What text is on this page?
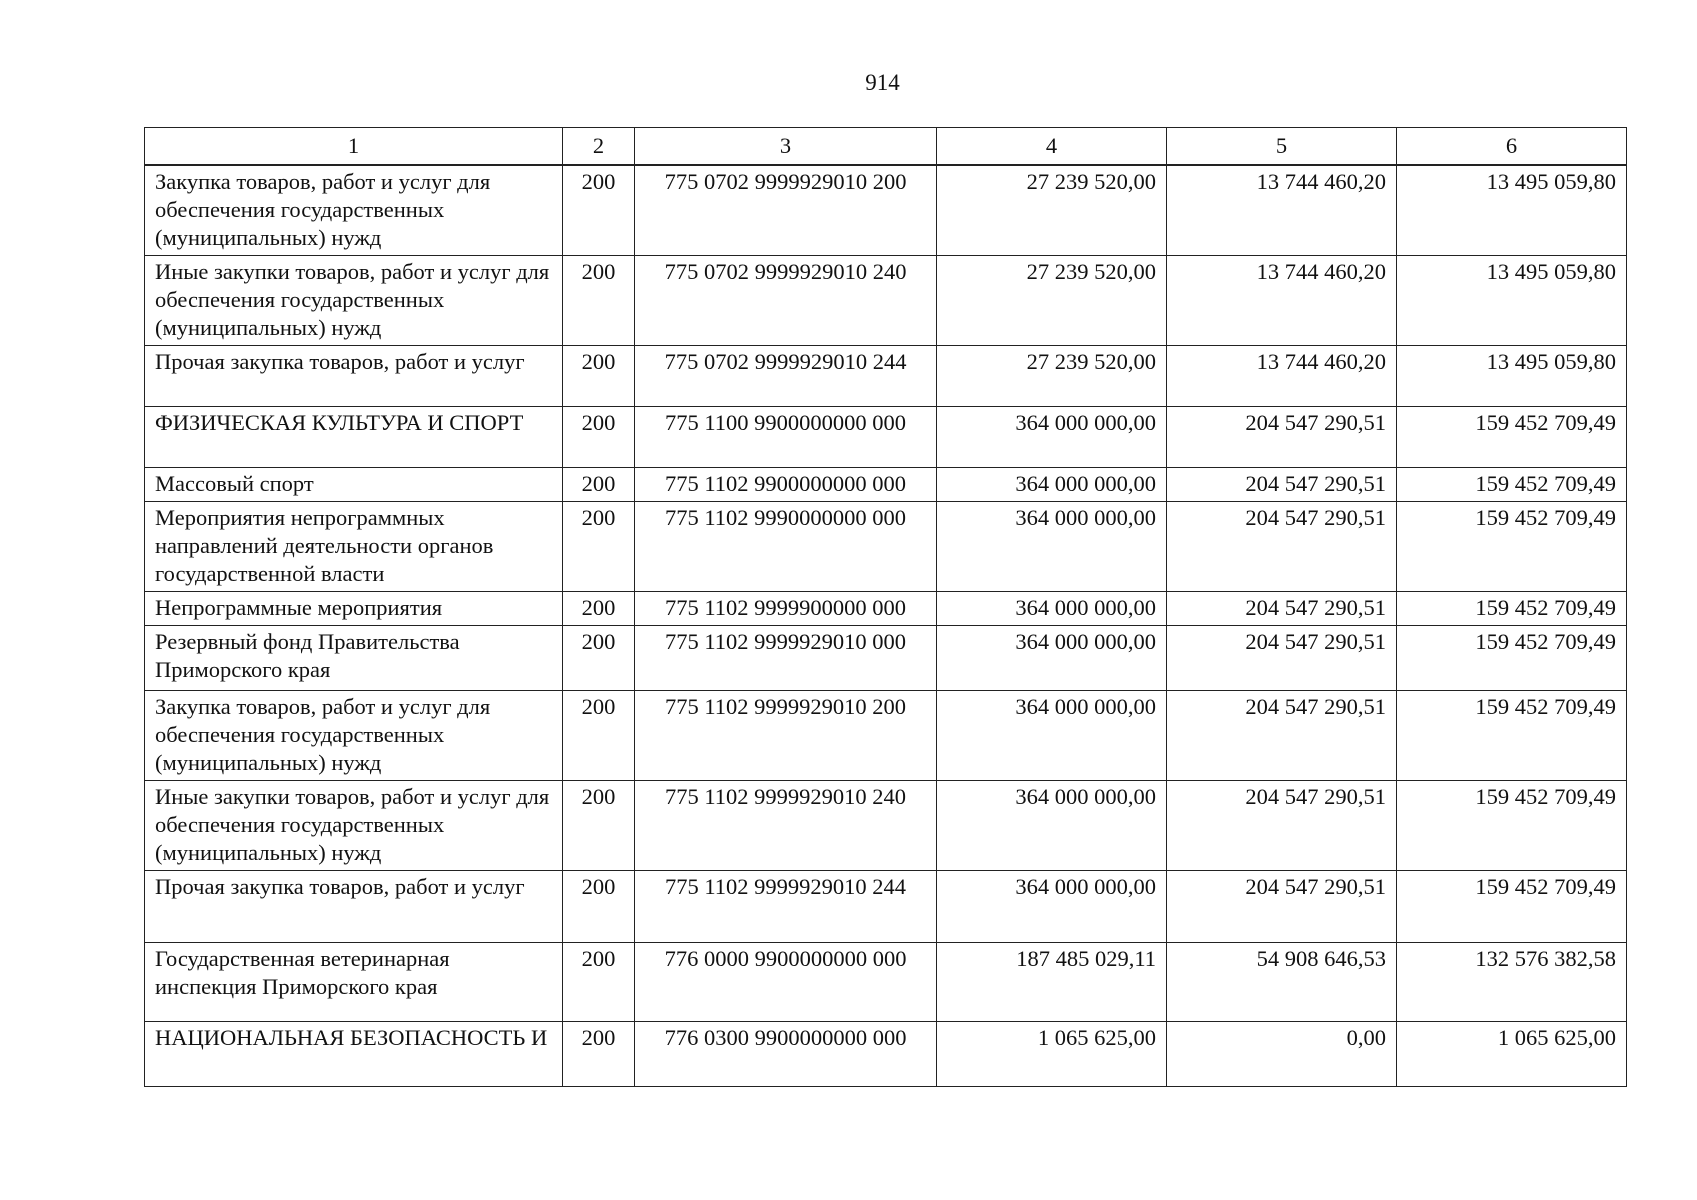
914
1	2	3	4	5	6
Закупка товаров, работ и услуг для обеспечения государственных (муниципальных) нужд	200	775 0702 9999929010 200	27 239 520,00	13 744 460,20	13 495 059,80
Иные закупки товаров, работ и услуг для обеспечения государственных (муниципальных) нужд	200	775 0702 9999929010 240	27 239 520,00	13 744 460,20	13 495 059,80
Прочая закупка товаров, работ и услуг	200	775 0702 9999929010 244	27 239 520,00	13 744 460,20	13 495 059,80
ФИЗИЧЕСКАЯ КУЛЬТУРА И СПОРТ	200	775 1100 9900000000 000	364 000 000,00	204 547 290,51	159 452 709,49
Массовый спорт	200	775 1102 9900000000 000	364 000 000,00	204 547 290,51	159 452 709,49
Мероприятия непрограммных направлений деятельности органов государственной власти	200	775 1102 9990000000 000	364 000 000,00	204 547 290,51	159 452 709,49
Непрограммные мероприятия	200	775 1102 9999900000 000	364 000 000,00	204 547 290,51	159 452 709,49
Резервный фонд Правительства Приморского края	200	775 1102 9999929010 000	364 000 000,00	204 547 290,51	159 452 709,49
Закупка товаров, работ и услуг для обеспечения государственных (муниципальных) нужд	200	775 1102 9999929010 200	364 000 000,00	204 547 290,51	159 452 709,49
Иные закупки товаров, работ и услуг для обеспечения государственных (муниципальных) нужд	200	775 1102 9999929010 240	364 000 000,00	204 547 290,51	159 452 709,49
Прочая закупка товаров, работ и услуг	200	775 1102 9999929010 244	364 000 000,00	204 547 290,51	159 452 709,49
Государственная ветеринарная инспекция Приморского края	200	776 0000 9900000000 000	187 485 029,11	54 908 646,53	132 576 382,58
НАЦИОНАЛЬНАЯ БЕЗОПАСНОСТЬ И	200	776 0300 9900000000 000	1 065 625,00	0,00	1 065 625,00
